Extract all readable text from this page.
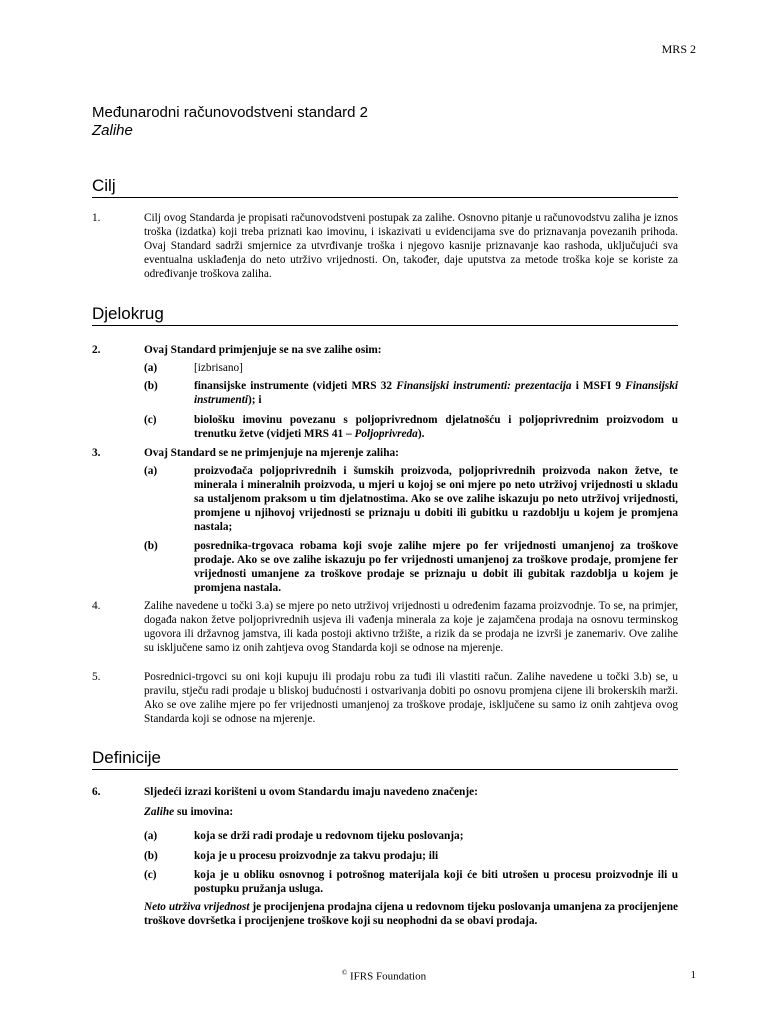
MRS 2
Međunarodni računovodstveni standard 2
Zalihe
Cilj
1.	Cilj ovog Standarda je propisati računovodstveni postupak za zalihe. Osnovno pitanje u računovodstvu zaliha je iznos troška (izdatka) koji treba priznati kao imovinu, i iskazivati u evidencijama sve do priznavanja povezanih prihoda. Ovaj Standard sadrži smjernice za utvrđivanje troška i njegovo kasnije priznavanje kao rashoda, uključujući sva eventualna usklađenja do neto utrživo vrijednosti. On, također, daje uputstva za metode troška koje se koriste za određivanje troškova zaliha.
Djelokrug
2.	Ovaj Standard primjenjuje se na sve zalihe osim:
(a)	[izbrisano]
(b)	finansijske instrumente (vidjeti MRS 32 Finansijski instrumenti: prezentacija i MSFI 9 Finansijski instrumenti); i
(c)	biološku imovinu povezanu s poljoprivrednom djelatnošću i poljoprivrednim proizvodom u trenutku žetve (vidjeti MRS 41 – Poljoprivreda).
3.	Ovaj Standard se ne primjenjuje na mjerenje zaliha:
(a)	proizvođača poljoprivrednih i šumskih proizvoda, poljoprivrednih proizvoda nakon žetve, te minerala i mineralnih proizvoda, u mjeri u kojoj se oni mjere po neto utrživoj vrijednosti u skladu sa ustaljenom praksom u tim djelatnostima. Ako se ove zalihe iskazuju po neto utrživoj vrijednosti, promjene u njihovoj vrijednosti se priznaju u dobiti ili gubitku u razdoblju u kojem je promjena nastala;
(b)	posrednika-trgovaca robama koji svoje zalihe mjere po fer vrijednosti umanjenoj za troškove prodaje. Ako se ove zalihe iskazuju po fer vrijednosti umanjenoj za troškove prodaje, promjene fer vrijednosti umanjene za troškove prodaje se priznaju u dobit ili gubitak razdoblja u kojem je promjena nastala.
4.	Zalihe navedene u točki 3.a) se mjere po neto utrživoj vrijednosti u određenim fazama proizvodnje. To se, na primjer, događa nakon žetve poljoprivrednih usjeva ili vađenja minerala za koje je zajamčena prodaja na osnovu terminskog ugovora ili državnog jamstva, ili kada postoji aktivno tržište, a rizik da se prodaja ne izvrši je zanemariv. Ove zalihe su isključene samo iz onih zahtjeva ovog Standarda koji se odnose na mjerenje.
5.	Posrednici-trgovci su oni koji kupuju ili prodaju robu za tuđi ili vlastiti račun. Zalihe navedene u točki 3.b) se, u pravilu, stječu radi prodaje u bliskoj budućnosti i ostvarivanja dobiti po osnovu promjena cijene ili brokerskih marži. Ako se ove zalihe mjere po fer vrijednosti umanjenoj za troškove prodaje, isključene su samo iz onih zahtjeva ovog Standarda koji se odnose na mjerenje.
Definicije
6.	Sljedeći izrazi korišteni u ovom Standardu imaju navedeno značenje:
Zalihe su imovina:
(a)	koja se drži radi prodaje u redovnom tijeku poslovanja;
(b)	koja je u procesu proizvodnje za takvu prodaju; ili
(c)	koja je u obliku osnovnog i potrošnog materijala koji će biti utrošen u procesu proizvodnje ili u postupku pružanja usluga.
Neto utrživa vrijednost je procijenjena prodajna cijena u redovnom tijeku poslovanja umanjena za procijenjene troškove dovršetka i procijenjene troškove koji su neophodni da se obavi prodaja.
© IFRS Foundation	1
